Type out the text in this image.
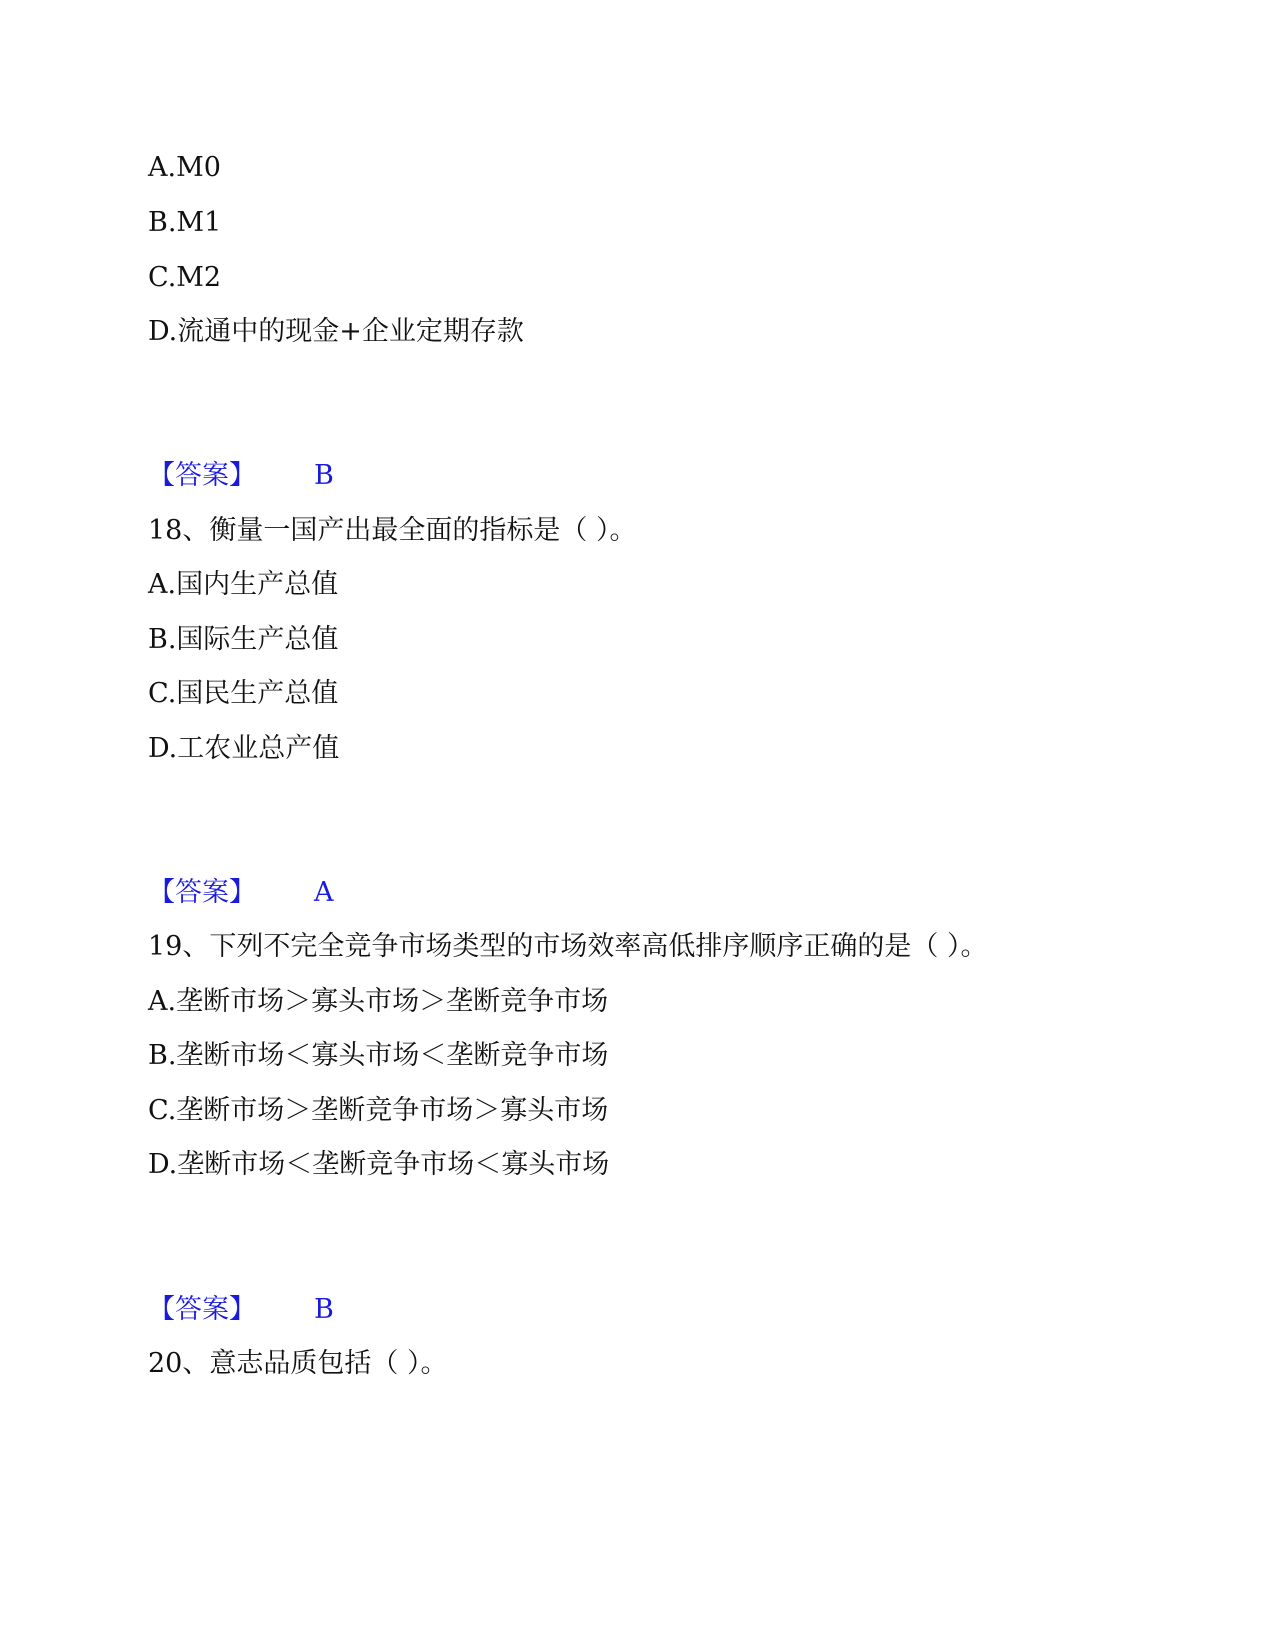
A.M0
B.M1
C.M2
D.流通中的现金+企业定期存款
【答案】 B
18、衡量一国产出最全面的指标是（ ）。
A.国内生产总值
B.国际生产总值
C.国民生产总值
D.工农业总产值
【答案】 A
19、下列不完全竞争市场类型的市场效率高低排序顺序正确的是（ ）。
A.垄断市场＞寡头市场＞垄断竞争市场
B.垄断市场＜寡头市场＜垄断竞争市场
C.垄断市场＞垄断竞争市场＞寡头市场
D.垄断市场＜垄断竞争市场＜寡头市场
【答案】 B
20、意志品质包括（ ）。
